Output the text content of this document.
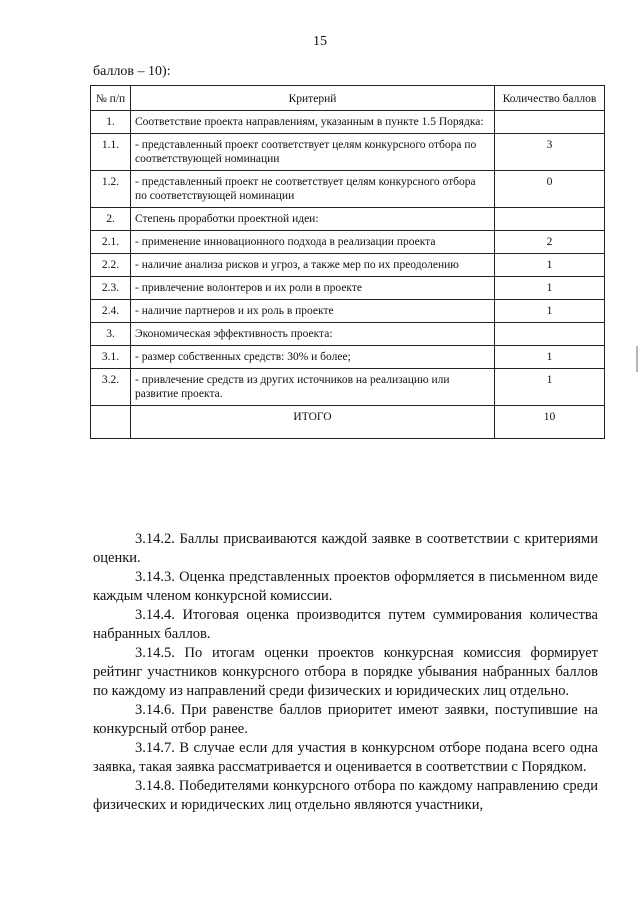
15
баллов – 10):
№ п/п	Критерий	Количество баллов
1.	Соответствие проекта направлениям, указанным в пункте 1.5 Порядка:	
1.1.	- представленный проект соответствует целям конкурсного отбора по соответствующей номинации	3
1.2.	- представленный проект не соответствует целям конкурсного отбора по соответствующей номинации	0
2.	Степень проработки проектной идеи:	
2.1.	- применение инновационного подхода в реализации проекта	2
2.2.	- наличие анализа рисков и угроз, а также мер по их преодолению	1
2.3.	- привлечение волонтеров и их роли в проекте	1
2.4.	- наличие партнеров и их роль в проекте	1
3.	Экономическая эффективность проекта:	
3.1.	- размер собственных средств: 30% и более;	1
3.2.	- привлечение средств из других источников на реализацию или развитие проекта.	1
	ИТОГО	10

3.14.2. Баллы присваиваются каждой заявке в соответствии с критериями оценки.

3.14.3. Оценка представленных проектов оформляется в письменном виде каждым членом конкурсной комиссии.

3.14.4. Итоговая оценка производится путем суммирования количества набранных баллов.

3.14.5. По итогам оценки проектов конкурсная комиссия формирует рейтинг участников конкурсного отбора в порядке убывания набранных баллов по каждому из направлений среди физических и юридических лиц отдельно.

3.14.6. При равенстве баллов приоритет имеют заявки, поступившие на конкурсный отбор ранее.

3.14.7. В случае если для участия в конкурсном отборе подана всего одна заявка, такая заявка рассматривается и оценивается в соответствии с Порядком.

3.14.8. Победителями конкурсного отбора по каждому направлению среди физических и юридических лиц отдельно являются участники,
